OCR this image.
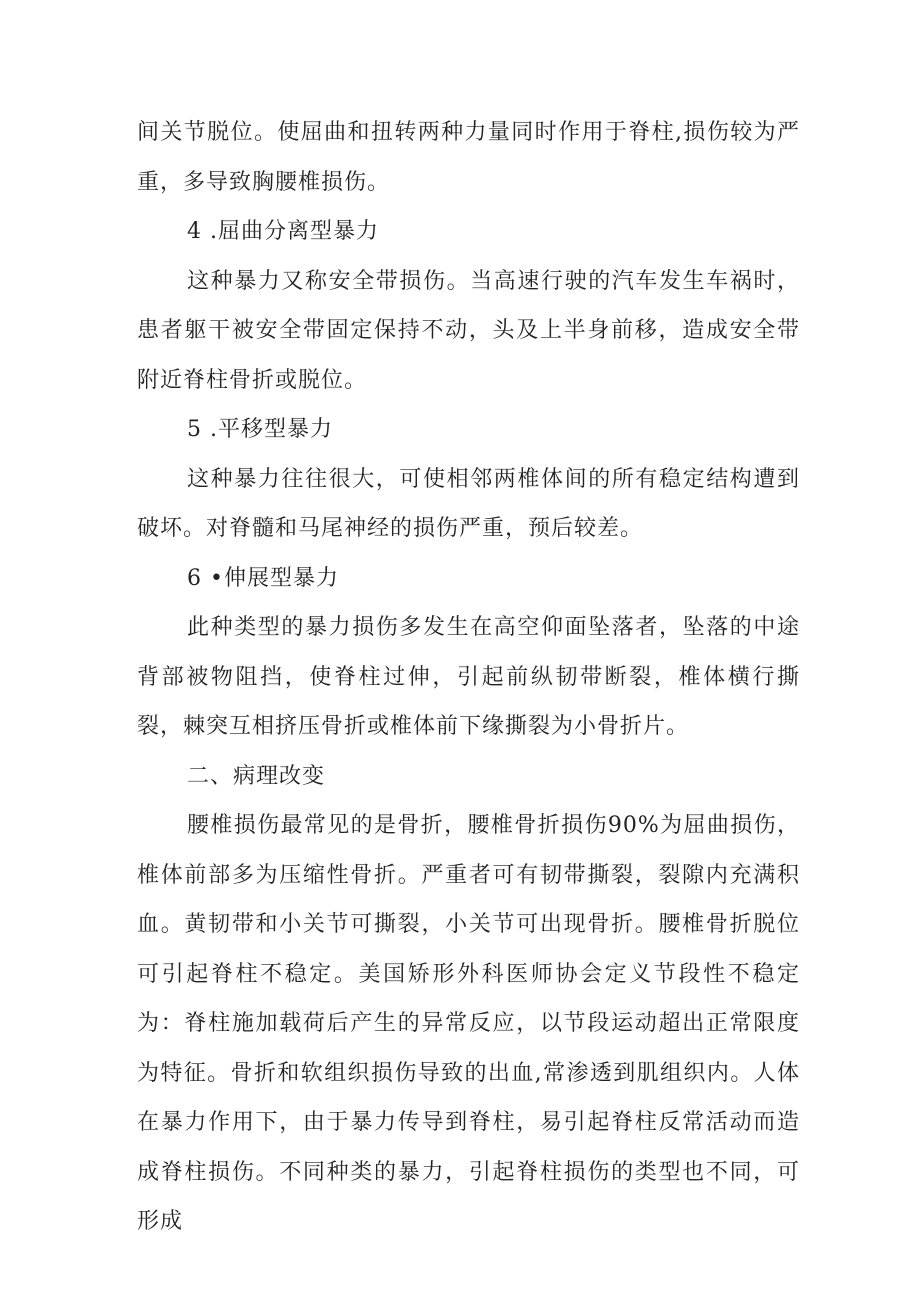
间关节脱位。使屈曲和扭转两种力量同时作用于脊柱,损伤较为严重，多导致胸腰椎损伤。

4 .屈曲分离型暴力

这种暴力又称安全带损伤。当高速行驶的汽车发生车祸时，患者躯干被安全带固定保持不动，头及上半身前移，造成安全带附近脊柱骨折或脱位。

5 .平移型暴力

这种暴力往往很大，可使相邻两椎体间的所有稳定结构遭到破坏。对脊髓和马尾神经的损伤严重，预后较差。

6 •伸展型暴力

此种类型的暴力损伤多发生在高空仰面坠落者，坠落的中途背部被物阻挡，使脊柱过伸，引起前纵韧带断裂，椎体横行撕裂，棘突互相挤压骨折或椎体前下缘撕裂为小骨折片。

二、病理改变

腰椎损伤最常见的是骨折，腰椎骨折损伤90%为屈曲损伤，椎体前部多为压缩性骨折。严重者可有韧带撕裂，裂隙内充满积血。黄韧带和小关节可撕裂，小关节可出现骨折。腰椎骨折脱位可引起脊柱不稳定。美国矫形外科医师协会定义节段性不稳定为：脊柱施加载荷后产生的异常反应，以节段运动超出正常限度为特征。骨折和软组织损伤导致的出血,常渗透到肌组织内。人体在暴力作用下，由于暴力传导到脊柱，易引起脊柱反常活动而造成脊柱损伤。不同种类的暴力，引起脊柱损伤的类型也不同，可形成
